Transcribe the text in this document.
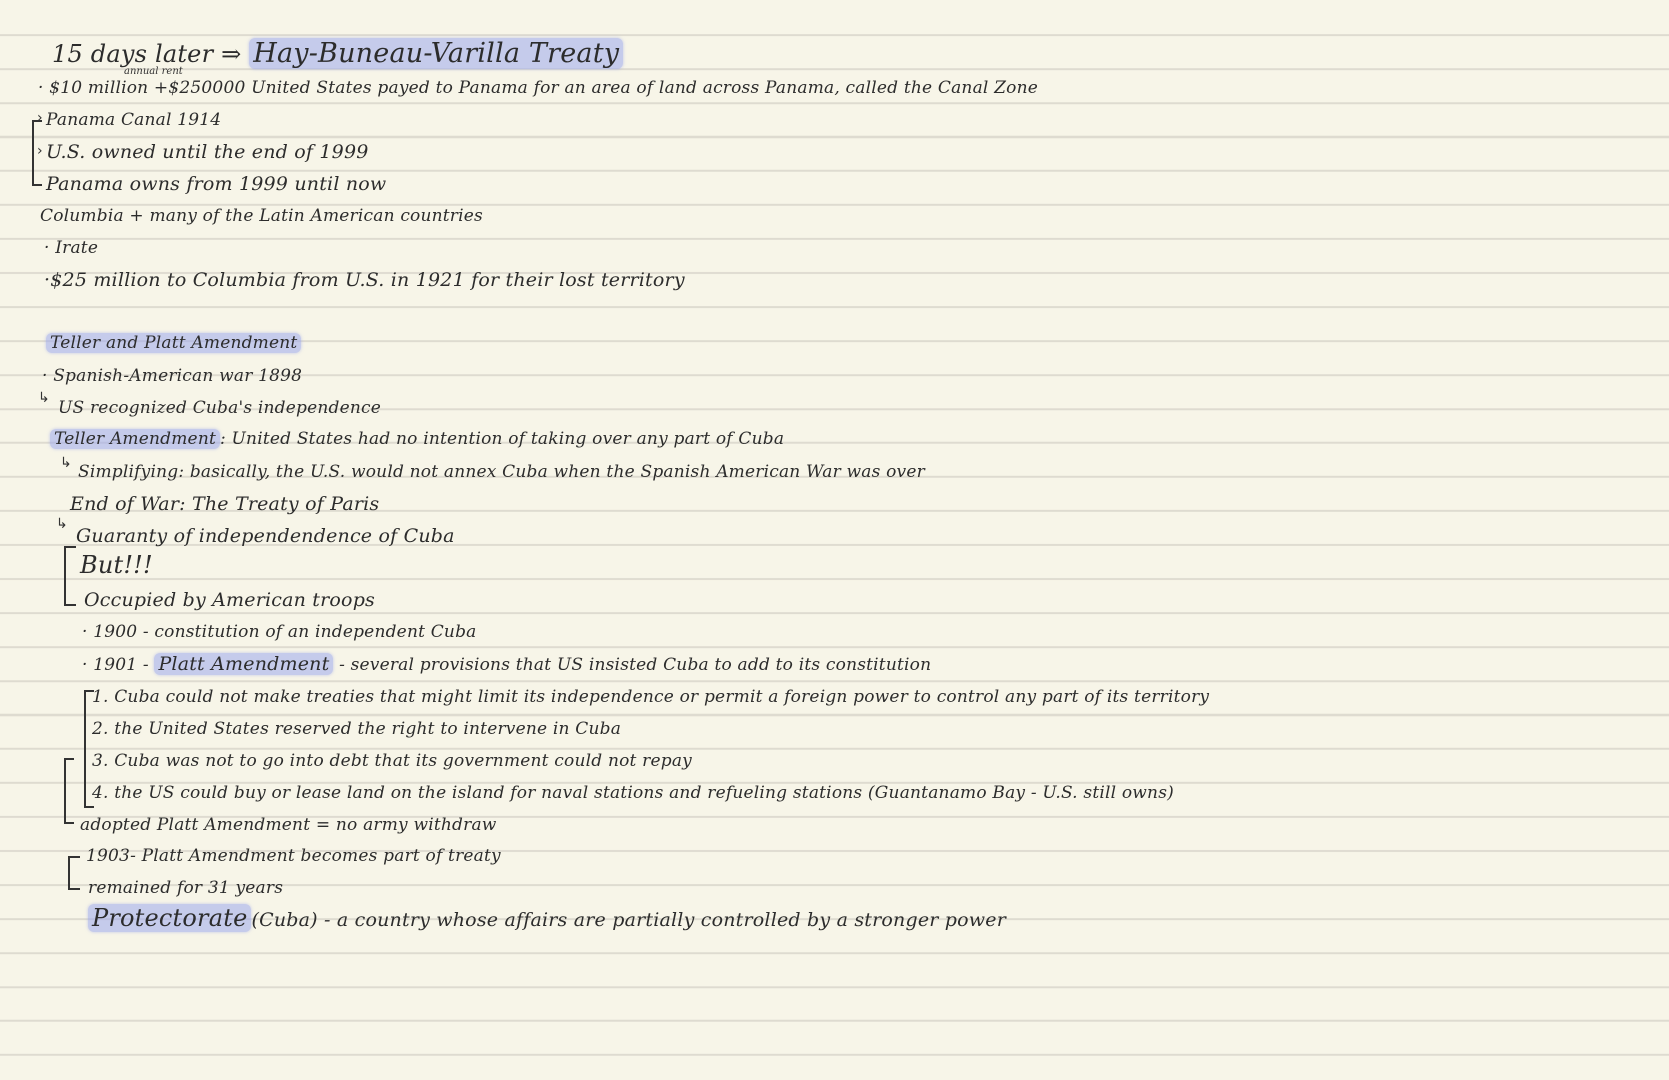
15 days later ⇒ Hay-Buneau-Varilla Treaty
annual rent
· $10 million +$250000 United States payed to Panama for an area of land across Panama, called the Canal Zone
›
›
Panama Canal 1914
U.S. owned until the end of 1999
Panama owns from 1999 until now
Columbia + many of the Latin American countries
· Irate
·$25 million to Columbia from U.S. in 1921 for their lost territory
Teller and Platt Amendment
· Spanish-American war 1898
↳ US recognized Cuba's independence
Teller Amendment : United States had no intention of taking over any part of Cuba
↳ Simplifying: basically, the U.S. would not annex Cuba when the Spanish American War was over
End of War: The Treaty of Paris
↳
Guaranty of independendence of Cuba
But!!!
Occupied by American troops
· 1900 - constitution of an independent Cuba
· 1901 - Platt Amendment - several provisions that US insisted Cuba to add to its constitution
1. Cuba could not make treaties that might limit its independence or permit a foreign power to control any part of its territory
2. the United States reserved the right to intervene in Cuba
3. Cuba was not to go into debt that its government could not repay
4. the US could buy or lease land on the island for naval stations and refueling stations (Guantanamo Bay - U.S. still owns)
adopted Platt Amendment = no army withdraw
1903- Platt Amendment becomes part of treaty
remained for 31 years
Protectorate (Cuba) - a country whose affairs are partially controlled by a stronger power
